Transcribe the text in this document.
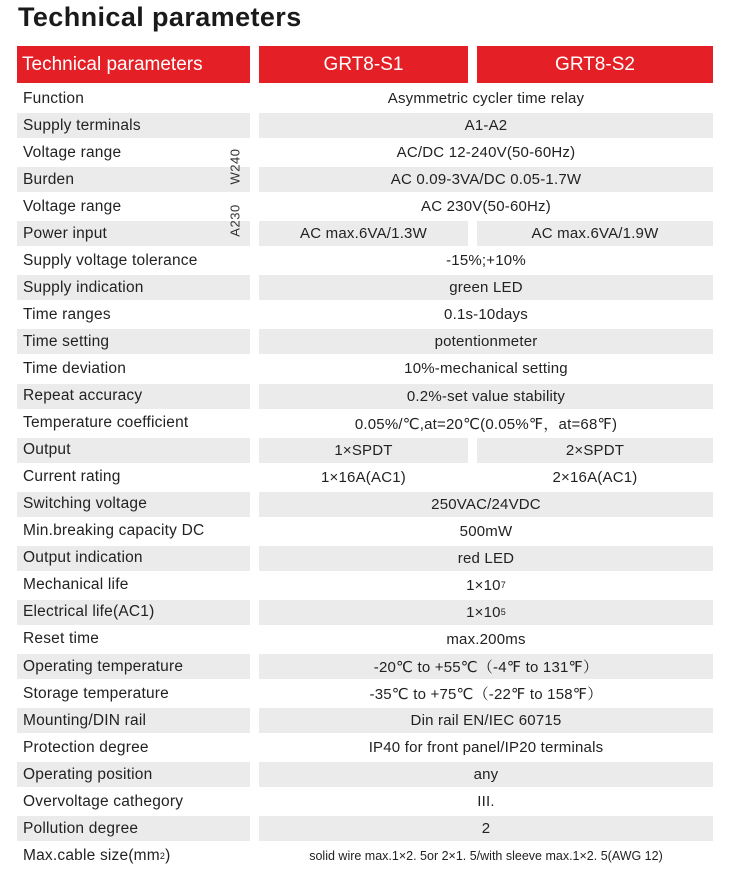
Technical parameters
Technical parameters	GRT8-S1	GRT8-S2
Function	Asymmetric cycler time relay
Supply terminals	A1-A2
Voltage range	AC/DC 12-240V(50-60Hz)
Burden	AC 0.09-3VA/DC 0.05-1.7W
Voltage range	AC 230V(50-60Hz)
Power input	AC max.6VA/1.3W	AC max.6VA/1.9W
Supply voltage tolerance	-15%;+10%
Supply indication	green LED
Time ranges	0.1s-10days
Time setting	potentionmeter
Time deviation	10%-mechanical setting
Repeat accuracy	0.2%-set value stability
Temperature coefficient	0.05%/℃,at=20℃(0.05%℉，at=68℉)
Output	1×SPDT	2×SPDT
Current rating	1×16A(AC1)	2×16A(AC1)
Switching voltage	250VAC/24VDC
Min.breaking capacity DC	500mW
Output indication	red LED
Mechanical life	1×10 7
Electrical life(AC1)	1×10 5
Reset time	max.200ms
Operating temperature	-20℃ to +55℃（-4℉ to 131℉）
Storage temperature	-35℃ to +75℃（-22℉ to 158℉）
Mounting/DIN rail	Din rail EN/IEC 60715
Protection degree	IP40 for front panel/IP20 terminals
Operating position	any
Overvoltage cathegory	III.
Pollution degree	2
Max.cable size(mm 2 )	solid wire max.1×2. 5or 2×1. 5/with sleeve max.1×2. 5(AWG 12)
W240
A230
